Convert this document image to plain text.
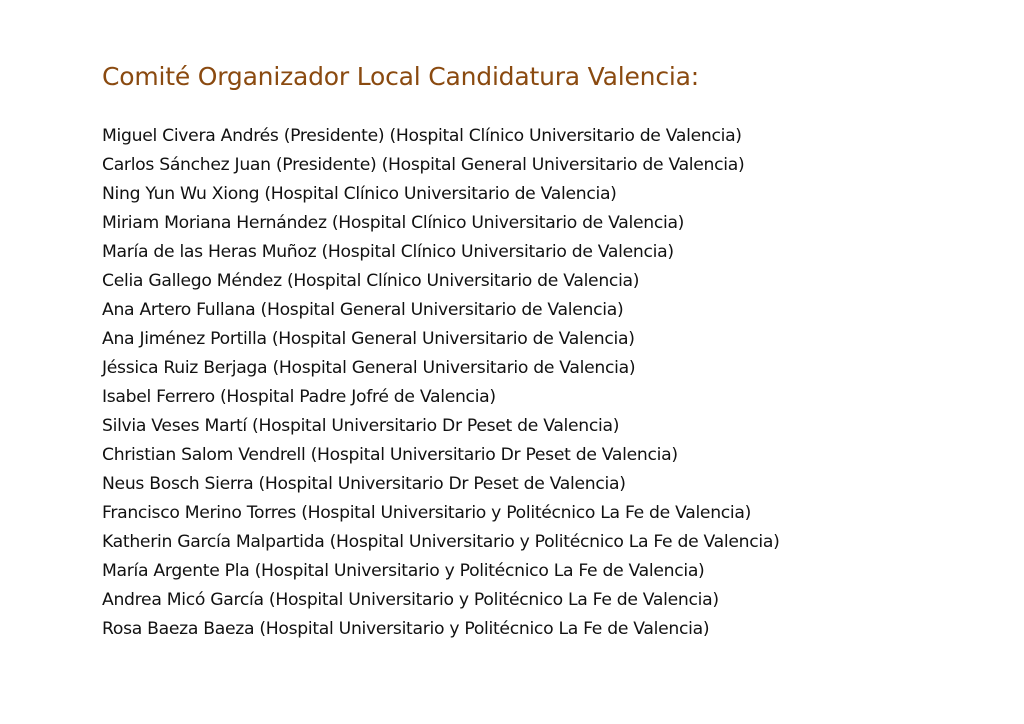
Comité Organizador Local Candidatura Valencia:
Miguel Civera Andrés (Presidente) (Hospital Clínico Universitario de Valencia)
Carlos Sánchez Juan (Presidente) (Hospital General Universitario de Valencia)
Ning Yun Wu Xiong (Hospital Clínico Universitario de Valencia)
Miriam Moriana Hernández (Hospital Clínico Universitario de Valencia)
María de las Heras Muñoz (Hospital Clínico Universitario de Valencia)
Celia Gallego Méndez (Hospital Clínico Universitario de Valencia)
Ana Artero Fullana (Hospital General Universitario de Valencia)
Ana Jiménez Portilla (Hospital General Universitario de Valencia)
Jéssica Ruiz Berjaga (Hospital General Universitario de Valencia)
Isabel Ferrero (Hospital Padre Jofré de Valencia)
Silvia Veses Martí (Hospital Universitario Dr Peset de Valencia)
Christian Salom Vendrell (Hospital Universitario Dr Peset de Valencia)
Neus Bosch Sierra (Hospital Universitario Dr Peset de Valencia)
Francisco Merino Torres (Hospital Universitario y Politécnico La Fe de Valencia)
Katherin García Malpartida (Hospital Universitario y Politécnico La Fe de Valencia)
María Argente Pla (Hospital Universitario y Politécnico La Fe de Valencia)
Andrea Micó García (Hospital Universitario y Politécnico La Fe de Valencia)
Rosa Baeza Baeza (Hospital Universitario y Politécnico La Fe de Valencia)
